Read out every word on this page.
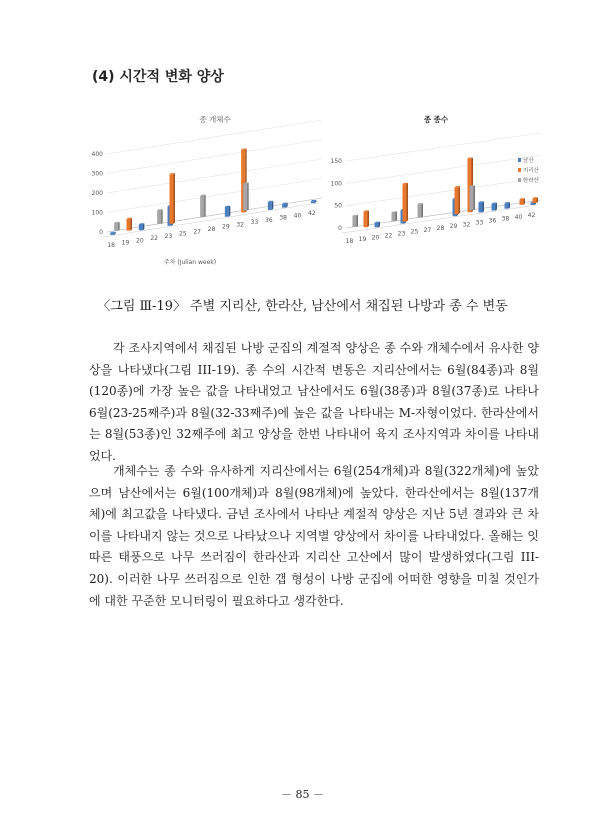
(4) 시간적 변화 양상
종 개체수
0
100
200
300
400
18 19 20 22 23 25 27 28 29 32 33 36 38 40 42
주차 (Julian week)
종 종수
0
50
100
150
18 19 20 22 23 25 27 28 29 32 33 36 38 40 42
남산
지리산
한라산
〈그림 Ⅲ-19〉 주별 지리산, 한라산, 남산에서 채집된 나방과 종 수 변동

각 조사지역에서 채집된 나방 군집의 계절적 양상은 종 수와 개체수에서 유사한 양상을 나타냈다(그림 III-19). 종 수의 시간적 변동은 지리산에서는 6월(84종)과 8월(120종)에 가장 높은 값을 나타내었고 남산에서도 6월(38종)과 8월(37종)로 나타나 6월(23-25째주)과 8월(32-33째주)에 높은 값을 나타내는 M-자형이었다. 한라산에서는 8월(53종)인 32째주에 최고 양상을 한번 나타내어 육지 조사지역과 차이를 나타내었다.

개체수는 종 수와 유사하게 지리산에서는 6월(254개체)과 8월(322개체)에 높았으며 남산에서는 6월(100개체)과 8월(98개체)에 높았다. 한라산에서는 8월(137개체)에 최고값을 나타냈다. 금년 조사에서 나타난 계절적 양상은 지난 5년 결과와 큰 차이를 나타내지 않는 것으로 나타났으나 지역별 양상에서 차이를 나타내었다. 올해는 잇따른 태풍으로 나무 쓰러짐이 한라산과 지리산 고산에서 많이 발생하였다(그림 III-20). 이러한 나무 쓰러짐으로 인한 갭 형성이 나방 군집에 어떠한 영향을 미칠 것인가에 대한 꾸준한 모니터링이 필요하다고 생각한다.

－ 85 －
